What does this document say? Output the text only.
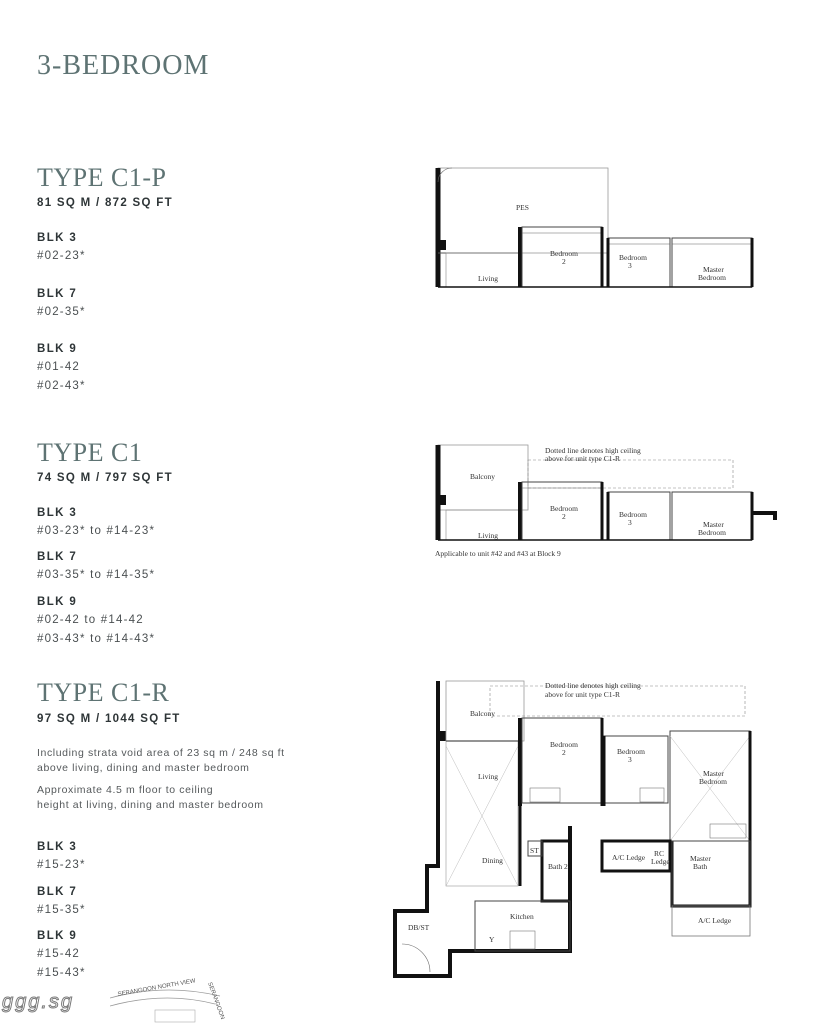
3-BEDROOM
TYPE C1-P
81 SQ M / 872 SQ FT
BLK 3
#02-23*
BLK 7
#02-35*
BLK 9
#01-42
#02-43*
PES
Bedroom
2	Bedroom
3	Master
Bedroom
Living
TYPE C1
74 SQ M / 797 SQ FT
BLK 3
#03-23* to #14-23*
BLK 7
#03-35* to #14-35*
BLK 9
#02-42 to #14-42
#03-43* to #14-43*
Dotted line denotes high ceiling
above for unit type C1-R
Balcony
Bedroom
2	Bedroom
3	Master
Bedroom
Living
Applicable to unit #42 and #43 at Block 9
TYPE C1-R
97 SQ M / 1044 SQ FT
Including strata void area of 23 sq m / 248 sq ft
above living, dining and master bedroom
Approximate 4.5 m floor to ceiling
height at living, dining and master bedroom
BLK 3
#15-23*
BLK 7
#15-35*
BLK 9
#15-42
#15-43*
Dotted line denotes high ceiling
above for unit type C1-R
Balcony
Bedroom
2	Bedroom
3
Master
Bedroom
Living
Dining
ST
Bath 2
A/C Ledge RC
Ledge	Master
Bath
A/C Ledge
Kitchen
DB/ST
Y
SERANGOON NORTH VIEW SERANGOON
ggg.sg
